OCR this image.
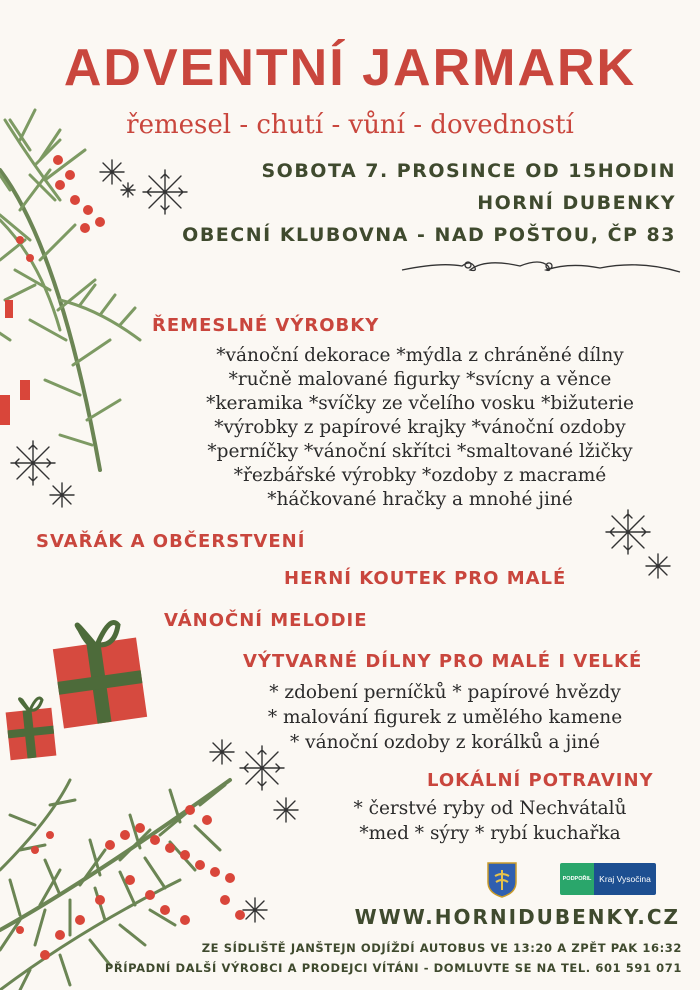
ADVENTNÍ JARMARK
řemesel - chutí - vůní - dovedností
SOBOTA 7. PROSINCE OD 15HODIN
HORNÍ DUBENKY
OBECNÍ KLUBOVNA - NAD POŠTOU, ČP 83
ŘEMESLNÉ VÝROBKY
*vánoční dekorace *mýdla z chráněné dílny
*ručně malované figurky *svícny a věnce
*keramika *svíčky ze včelího vosku *bižuterie
*výrobky z papírové krajky *vánoční ozdoby
*perníčky *vánoční skřítci *smaltované lžičky
*řezbářské výrobky *ozdoby z macramé
*háčkované hračky a mnohé jiné
SVAŘÁK A OBČERSTVENÍ
HERNÍ KOUTEK PRO MALÉ
VÁNOČNÍ MELODIE
VÝTVARNÉ DÍLNY PRO MALÉ I VELKÉ
* zdobení perníčků * papírové hvězdy
* malování figurek z umělého kamene
* vánoční ozdoby z korálků a jiné
LOKÁLNÍ POTRAVINY
* čerstvé ryby od Nechvátalů
*med * sýry * rybí kuchařka
PODPOŘIL Kraj Vysočina
WWW.HORNIDUBENKY.CZ
ZE SÍDLIŠTĚ JANŠTEJN ODJÍŽDÍ AUTOBUS VE 13:20 A ZPĚT PAK 16:32
PŘÍPADNÍ DALŠÍ VÝROBCI A PRODEJCI VÍTÁNI - DOMLUVTE SE NA TEL. 601 591 071
